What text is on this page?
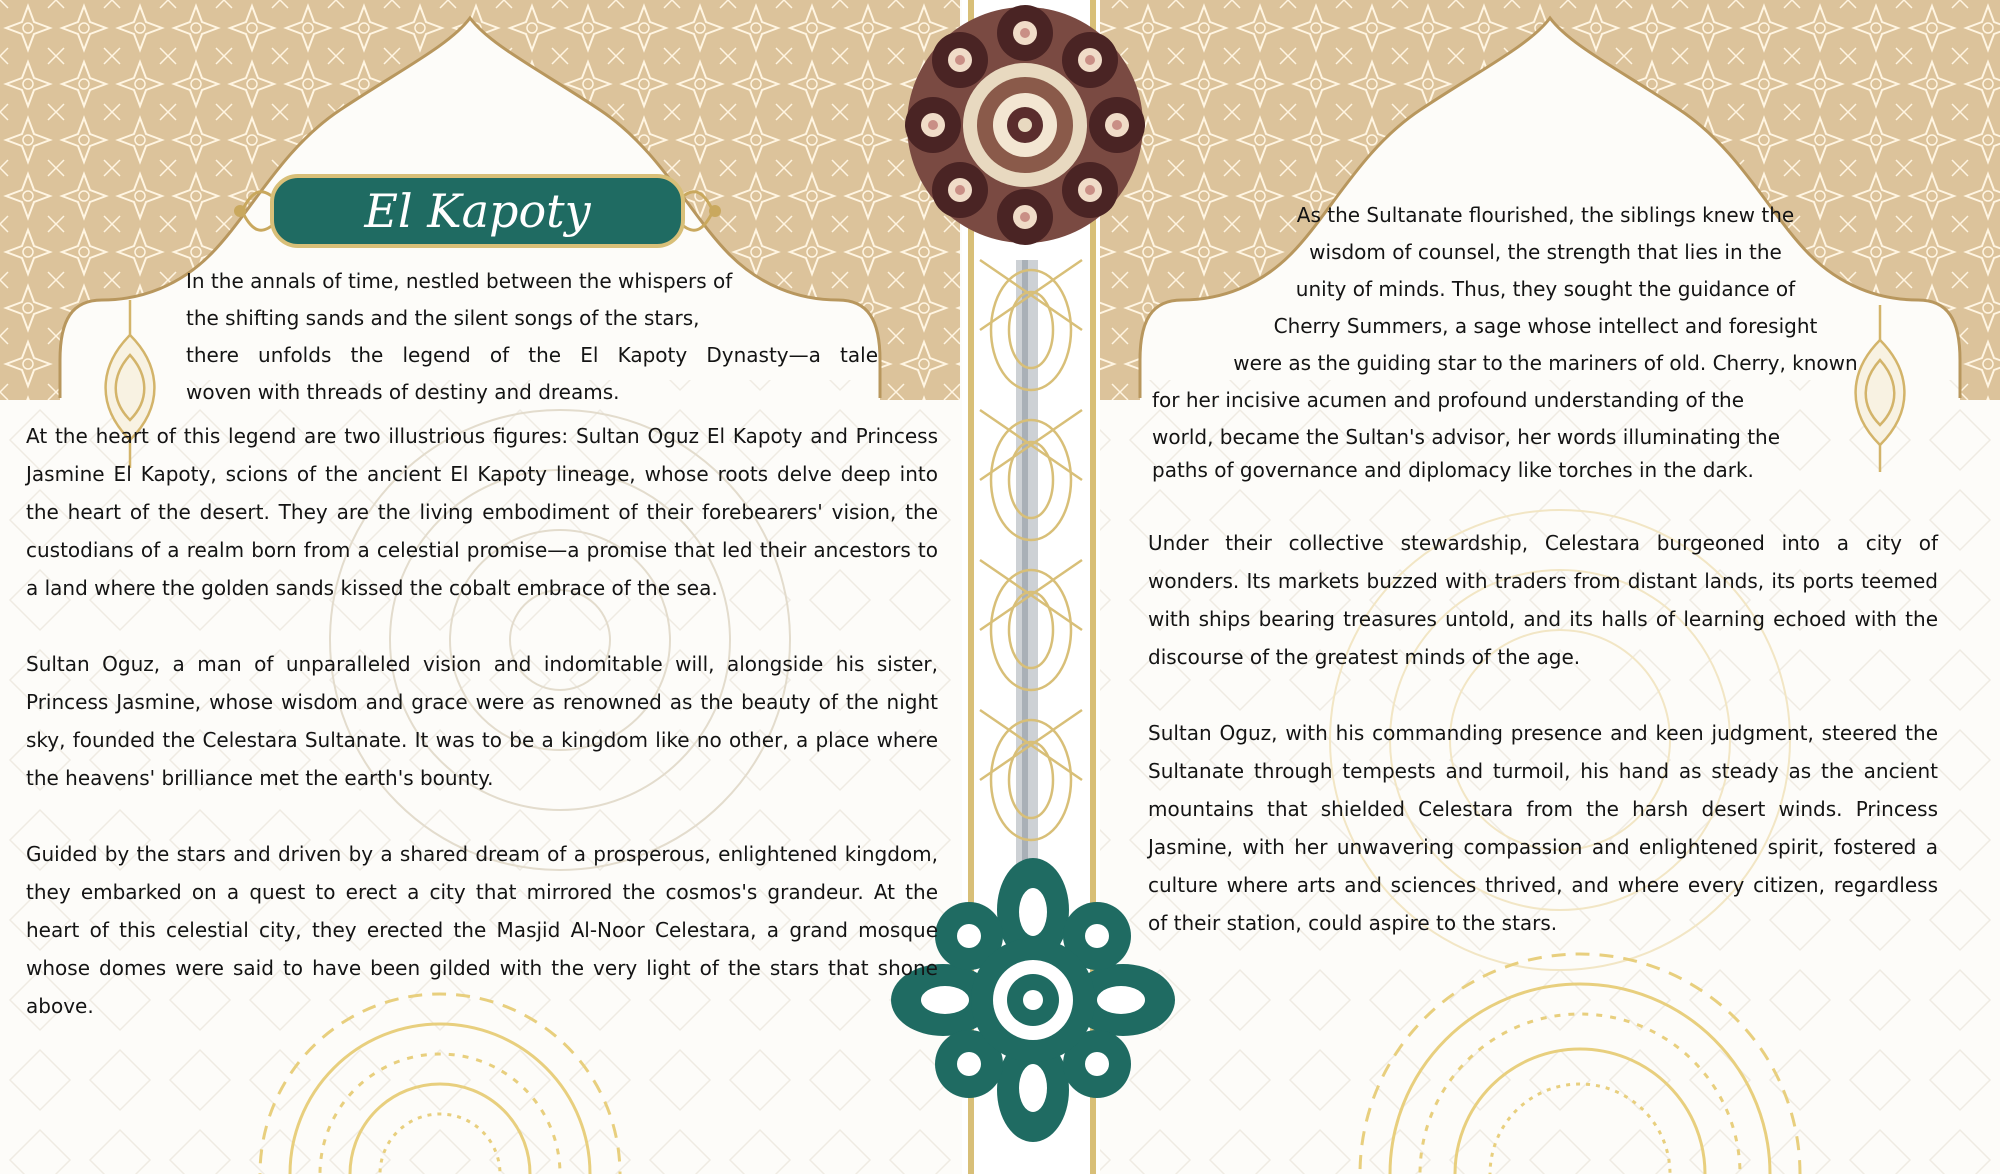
El Kapoty
In the annals of time, nestled between the whispers of
the shifting sands and the silent songs of the stars,
there unfolds the legend of the El Kapoty Dynasty—a tale
woven with threads of destiny and dreams.

At the heart of this legend are two illustrious figures: Sultan Oguz El Kapoty and Princess Jasmine El Kapoty, scions of the ancient El Kapoty lineage, whose roots delve deep into the heart of the desert. They are the living embodiment of their forebearers' vision, the custodians of a realm born from a celestial promise—a promise that led their ancestors to a land where the golden sands kissed the cobalt embrace of the sea.

Sultan Oguz, a man of unparalleled vision and indomitable will, alongside his sister, Princess Jasmine, whose wisdom and grace were as renowned as the beauty of the night sky, founded the Celestara Sultanate. It was to be a kingdom like no other, a place where the heavens' brilliance met the earth's bounty.

Guided by the stars and driven by a shared dream of a prosperous, enlightened kingdom, they embarked on a quest to erect a city that mirrored the cosmos's grandeur. At the heart of this celestial city, they erected the Masjid Al-Noor Celestara, a grand mosque whose domes were said to have been gilded with the very light of the stars that shone above.

As the Sultanate flourished, the siblings knew the
wisdom of counsel, the strength that lies in the
unity of minds. Thus, they sought the guidance of
Cherry Summers, a sage whose intellect and foresight
were as the guiding star to the mariners of old. Cherry, known
for her incisive acumen and profound understanding of the
world, became the Sultan's advisor, her words illuminating the
paths of governance and diplomacy like torches in the dark.

Under their collective stewardship, Celestara burgeoned into a city of wonders. Its markets buzzed with traders from distant lands, its ports teemed with ships bearing treasures untold, and its halls of learning echoed with the discourse of the greatest minds of the age.

Sultan Oguz, with his commanding presence and keen judgment, steered the Sultanate through tempests and turmoil, his hand as steady as the ancient mountains that shielded Celestara from the harsh desert winds. Princess Jasmine, with her unwavering compassion and enlightened spirit, fostered a culture where arts and sciences thrived, and where every citizen, regardless of their station, could aspire to the stars.
